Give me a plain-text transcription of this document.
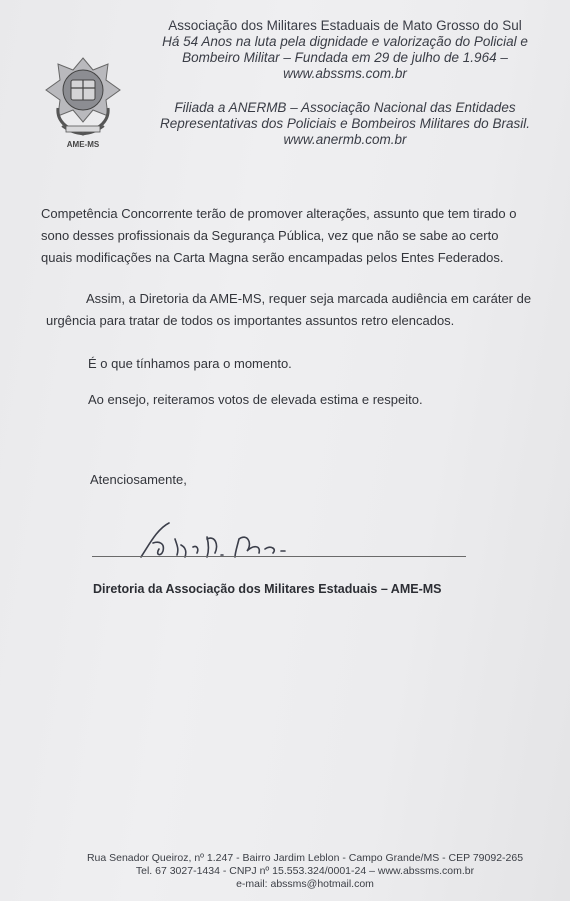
Associação dos Militares Estaduais de Mato Grosso do Sul
Há 54 Anos na luta pela dignidade e valorização do Policial e
Bombeiro Militar – Fundada em 29 de julho de 1.964 –
www.abssms.com.br
Filiada a ANERMB – Associação Nacional das Entidades
Representativas dos Policiais e Bombeiros Militares do Brasil.
www.anermb.com.br
AME-MS
Competência Concorrente terão de promover alterações, assunto que tem tirado o
sono desses profissionais da Segurança Pública, vez que não se sabe ao certo
quais modificações na Carta Magna serão encampadas pelos Entes Federados.
Assim, a Diretoria da AME-MS, requer seja marcada audiência em caráter de
urgência para tratar de todos os importantes assuntos retro elencados.
É o que tínhamos para o momento.
Ao ensejo, reiteramos votos de elevada estima e respeito.
Atenciosamente,
Diretoria da Associação dos Militares Estaduais – AME-MS
Rua Senador Queiroz, nº 1.247 - Bairro Jardim Leblon - Campo Grande/MS - CEP 79092-265
Tel. 67 3027-1434 - CNPJ nº 15.553.324/0001-24 – www.abssms.com.br
e-mail: abssms@hotmail.com
